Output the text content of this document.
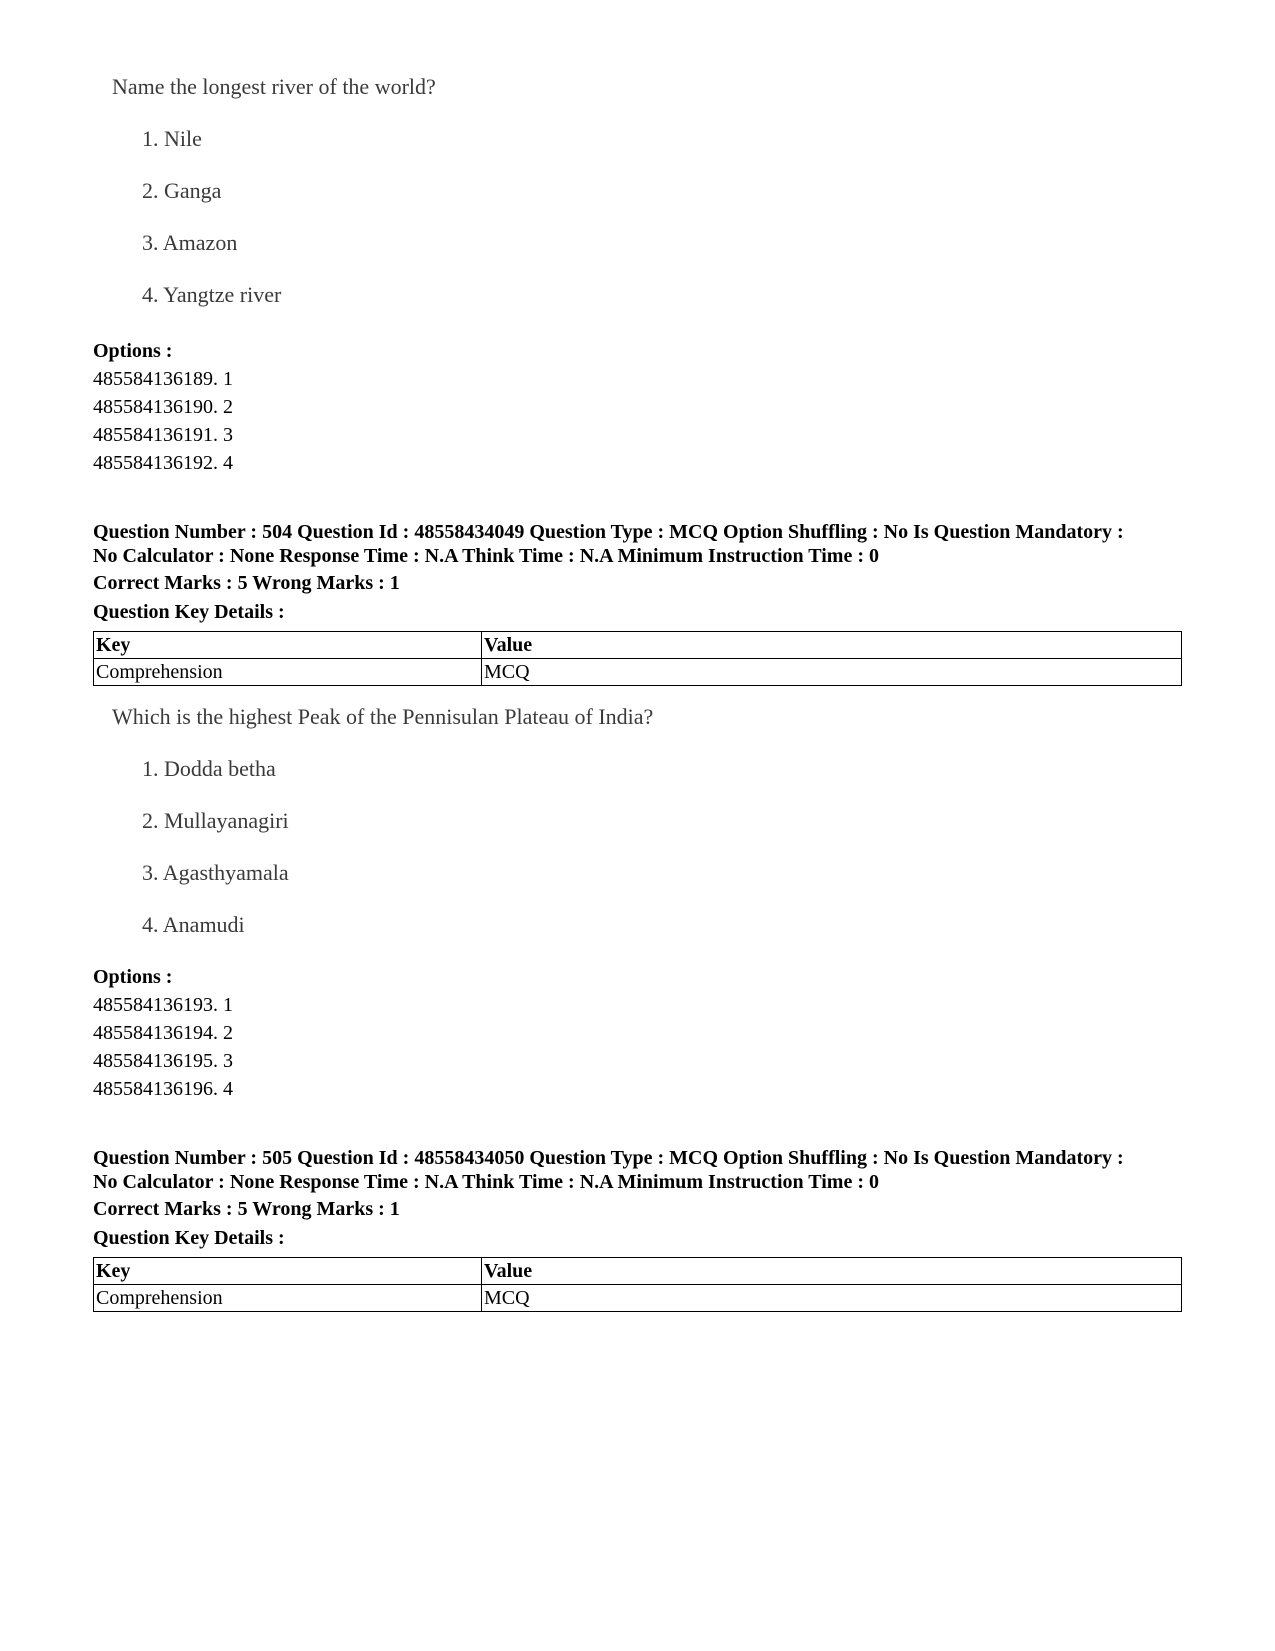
Name the longest river of the world?
1. Nile
2. Ganga
3. Amazon
4. Yangtze river
Options :
485584136189. 1
485584136190. 2
485584136191. 3
485584136192. 4
Question Number : 504 Question Id : 48558434049 Question Type : MCQ Option Shuffling : No Is Question Mandatory :
No Calculator : None Response Time : N.A Think Time : N.A Minimum Instruction Time : 0
Correct Marks : 5 Wrong Marks : 1
Question Key Details :
Key	Value
Comprehension	MCQ
Which is the highest Peak of the Pennisulan Plateau of India?
1. Dodda betha
2. Mullayanagiri
3. Agasthyamala
4. Anamudi
Options :
485584136193. 1
485584136194. 2
485584136195. 3
485584136196. 4
Question Number : 505 Question Id : 48558434050 Question Type : MCQ Option Shuffling : No Is Question Mandatory :
No Calculator : None Response Time : N.A Think Time : N.A Minimum Instruction Time : 0
Correct Marks : 5 Wrong Marks : 1
Question Key Details :
Key	Value
Comprehension	MCQ
